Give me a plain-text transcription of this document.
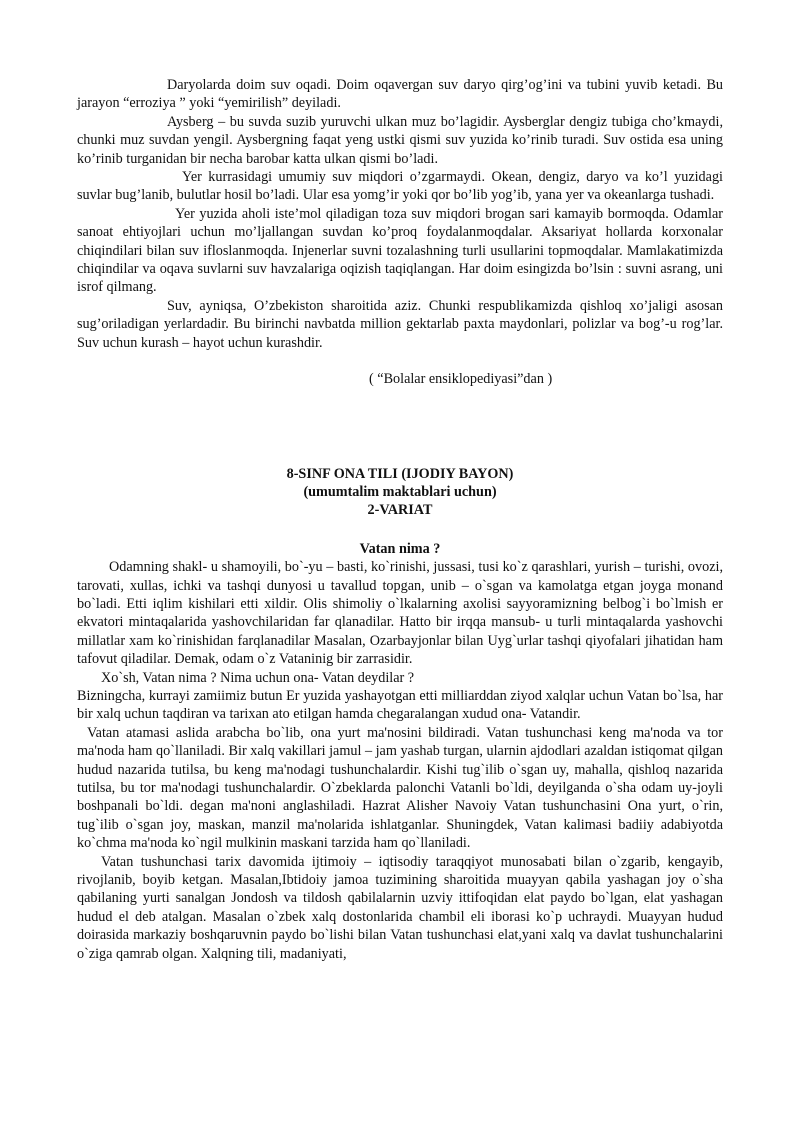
Daryolarda doim suv oqadi. Doim oqavergan suv daryo qirg’og’ini va tubini yuvib ketadi. Bu jarayon “erroziya ” yoki “yemirilish” deyiladi.

Aysberg – bu suvda suzib yuruvchi ulkan muz bo’lagidir. Aysberglar dengiz tubiga cho’kmaydi, chunki muz suvdan yengil. Aysbergning faqat yeng ustki qismi suv yuzida ko’rinib turadi. Suv ostida esa uning ko’rinib turganidan bir necha barobar katta ulkan qismi bo’ladi.

Yer kurrasidagi umumiy suv miqdori o’zgarmaydi. Okean, dengiz, daryo va ko’l yuzidagi suvlar bug’lanib, bulutlar hosil bo’ladi. Ular esa yomg’ir yoki qor bo’lib yog’ib, yana yer va okeanlarga tushadi.

Yer yuzida aholi iste’mol qiladigan toza suv miqdori brogan sari kamayib bormoqda. Odamlar sanoat ehtiyojlari uchun mo’ljallangan suvdan ko’proq foydalanmoqdalar. Aksariyat hollarda korxonalar chiqindilari bilan suv ifloslanmoqda. Injenerlar suvni tozalashning turli usullarini topmoqdalar. Mamlakatimizda chiqindilar va oqava suvlarni suv havzalariga oqizish taqiqlangan. Har doim esingizda bo’lsin : suvni asrang, uni isrof qilmang.

Suv, ayniqsa, O’zbekiston sharoitida aziz. Chunki respublikamizda qishloq xo’jaligi asosan sug’oriladigan yerlardadir. Bu birinchi navbatda million gektarlab paxta maydonlari, polizlar va bog’-u rog’lar. Suv uchun kurash – hayot uchun kurashdir.

( “Bolalar ensiklopediyasi”dan )

8-SINF ONA TILI (IJODIY BAYON)

(umumtalim maktablari uchun)

2-VARIAT

Vatan nima ?

Odamning shakl- u shamoyili, bo`-yu – basti, ko`rinishi, jussasi, tusi ko`z qarashlari, yurish – turishi, ovozi, tarovati, xullas, ichki va tashqi dunyosi u tavallud topgan, unib – o`sgan va kamolatga etgan joyga monand bo`ladi. Etti iqlim kishilari etti xildir. Olis shimoliy o`lkalarning axolisi sayyoramizning belbog`i bo`lmish er ekvatori mintaqalarida yashovchilaridan far qlanadilar. Hatto bir irqqa mansub- u turli mintaqalarda yashovchi millatlar xam ko`rinishidan farqlanadilar Masalan, Ozarbayjonlar bilan Uyg`urlar tashqi qiyofalari jihatidan ham tafovut qiladilar. Demak, odam o`z Vataninig bir zarrasidir.

Xo`sh, Vatan nima ? Nima uchun ona- Vatan deydilar ?

Bizningcha, kurrayi zamiimiz butun Er yuzida yashayotgan etti milliarddan ziyod xalqlar uchun Vatan bo`lsa, har bir xalq uchun taqdiran va tarixan ato etilgan hamda chegaralangan xudud ona- Vatandir.

Vatan atamasi aslida arabcha bo`lib, ona yurt ma'nosini bildiradi. Vatan tushunchasi keng ma'noda va tor ma'noda ham qo`llaniladi. Bir xalq vakillari jamul – jam yashab turgan, ularnin ajdodlari azaldan istiqomat qilgan hudud nazarida tutilsa, bu keng ma'nodagi tushunchalardir. Kishi tug`ilib o`sgan uy, mahalla, qishloq nazarida tutilsa, bu tor ma'nodagi tushunchalardir. O`zbeklarda palonchi Vatanli bo`ldi, deyilganda o`sha odam uy-joyli boshpanali bo`ldi. degan ma'noni anglashiladi. Hazrat Alisher Navoiy Vatan tushunchasini Ona yurt, o`rin, tug`ilib o`sgan joy, maskan, manzil ma'nolarida ishlatganlar. Shuningdek, Vatan kalimasi badiiy adabiyotda ko`chma ma'noda ko`ngil mulkinin maskani tarzida ham qo`llaniladi.

Vatan tushunchasi tarix davomida ijtimoiy – iqtisodiy taraqqiyot munosabati bilan o`zgarib, kengayib, rivojlanib, boyib ketgan. Masalan,Ibtidoiy jamoa tuzimining sharoitida muayyan qabila yashagan joy o`sha qabilaning yurti sanalgan Jondosh va tildosh qabilalarnin uzviy ittifoqidan elat paydo bo`lgan, elat yashagan hudud el deb atalgan. Masalan o`zbek xalq dostonlarida chambil eli iborasi ko`p uchraydi. Muayyan hudud doirasida markaziy boshqaruvnin paydo bo`lishi bilan Vatan tushunchasi elat,yani xalq va davlat tushunchalarini o`ziga qamrab olgan. Xalqning tili, madaniyati,
